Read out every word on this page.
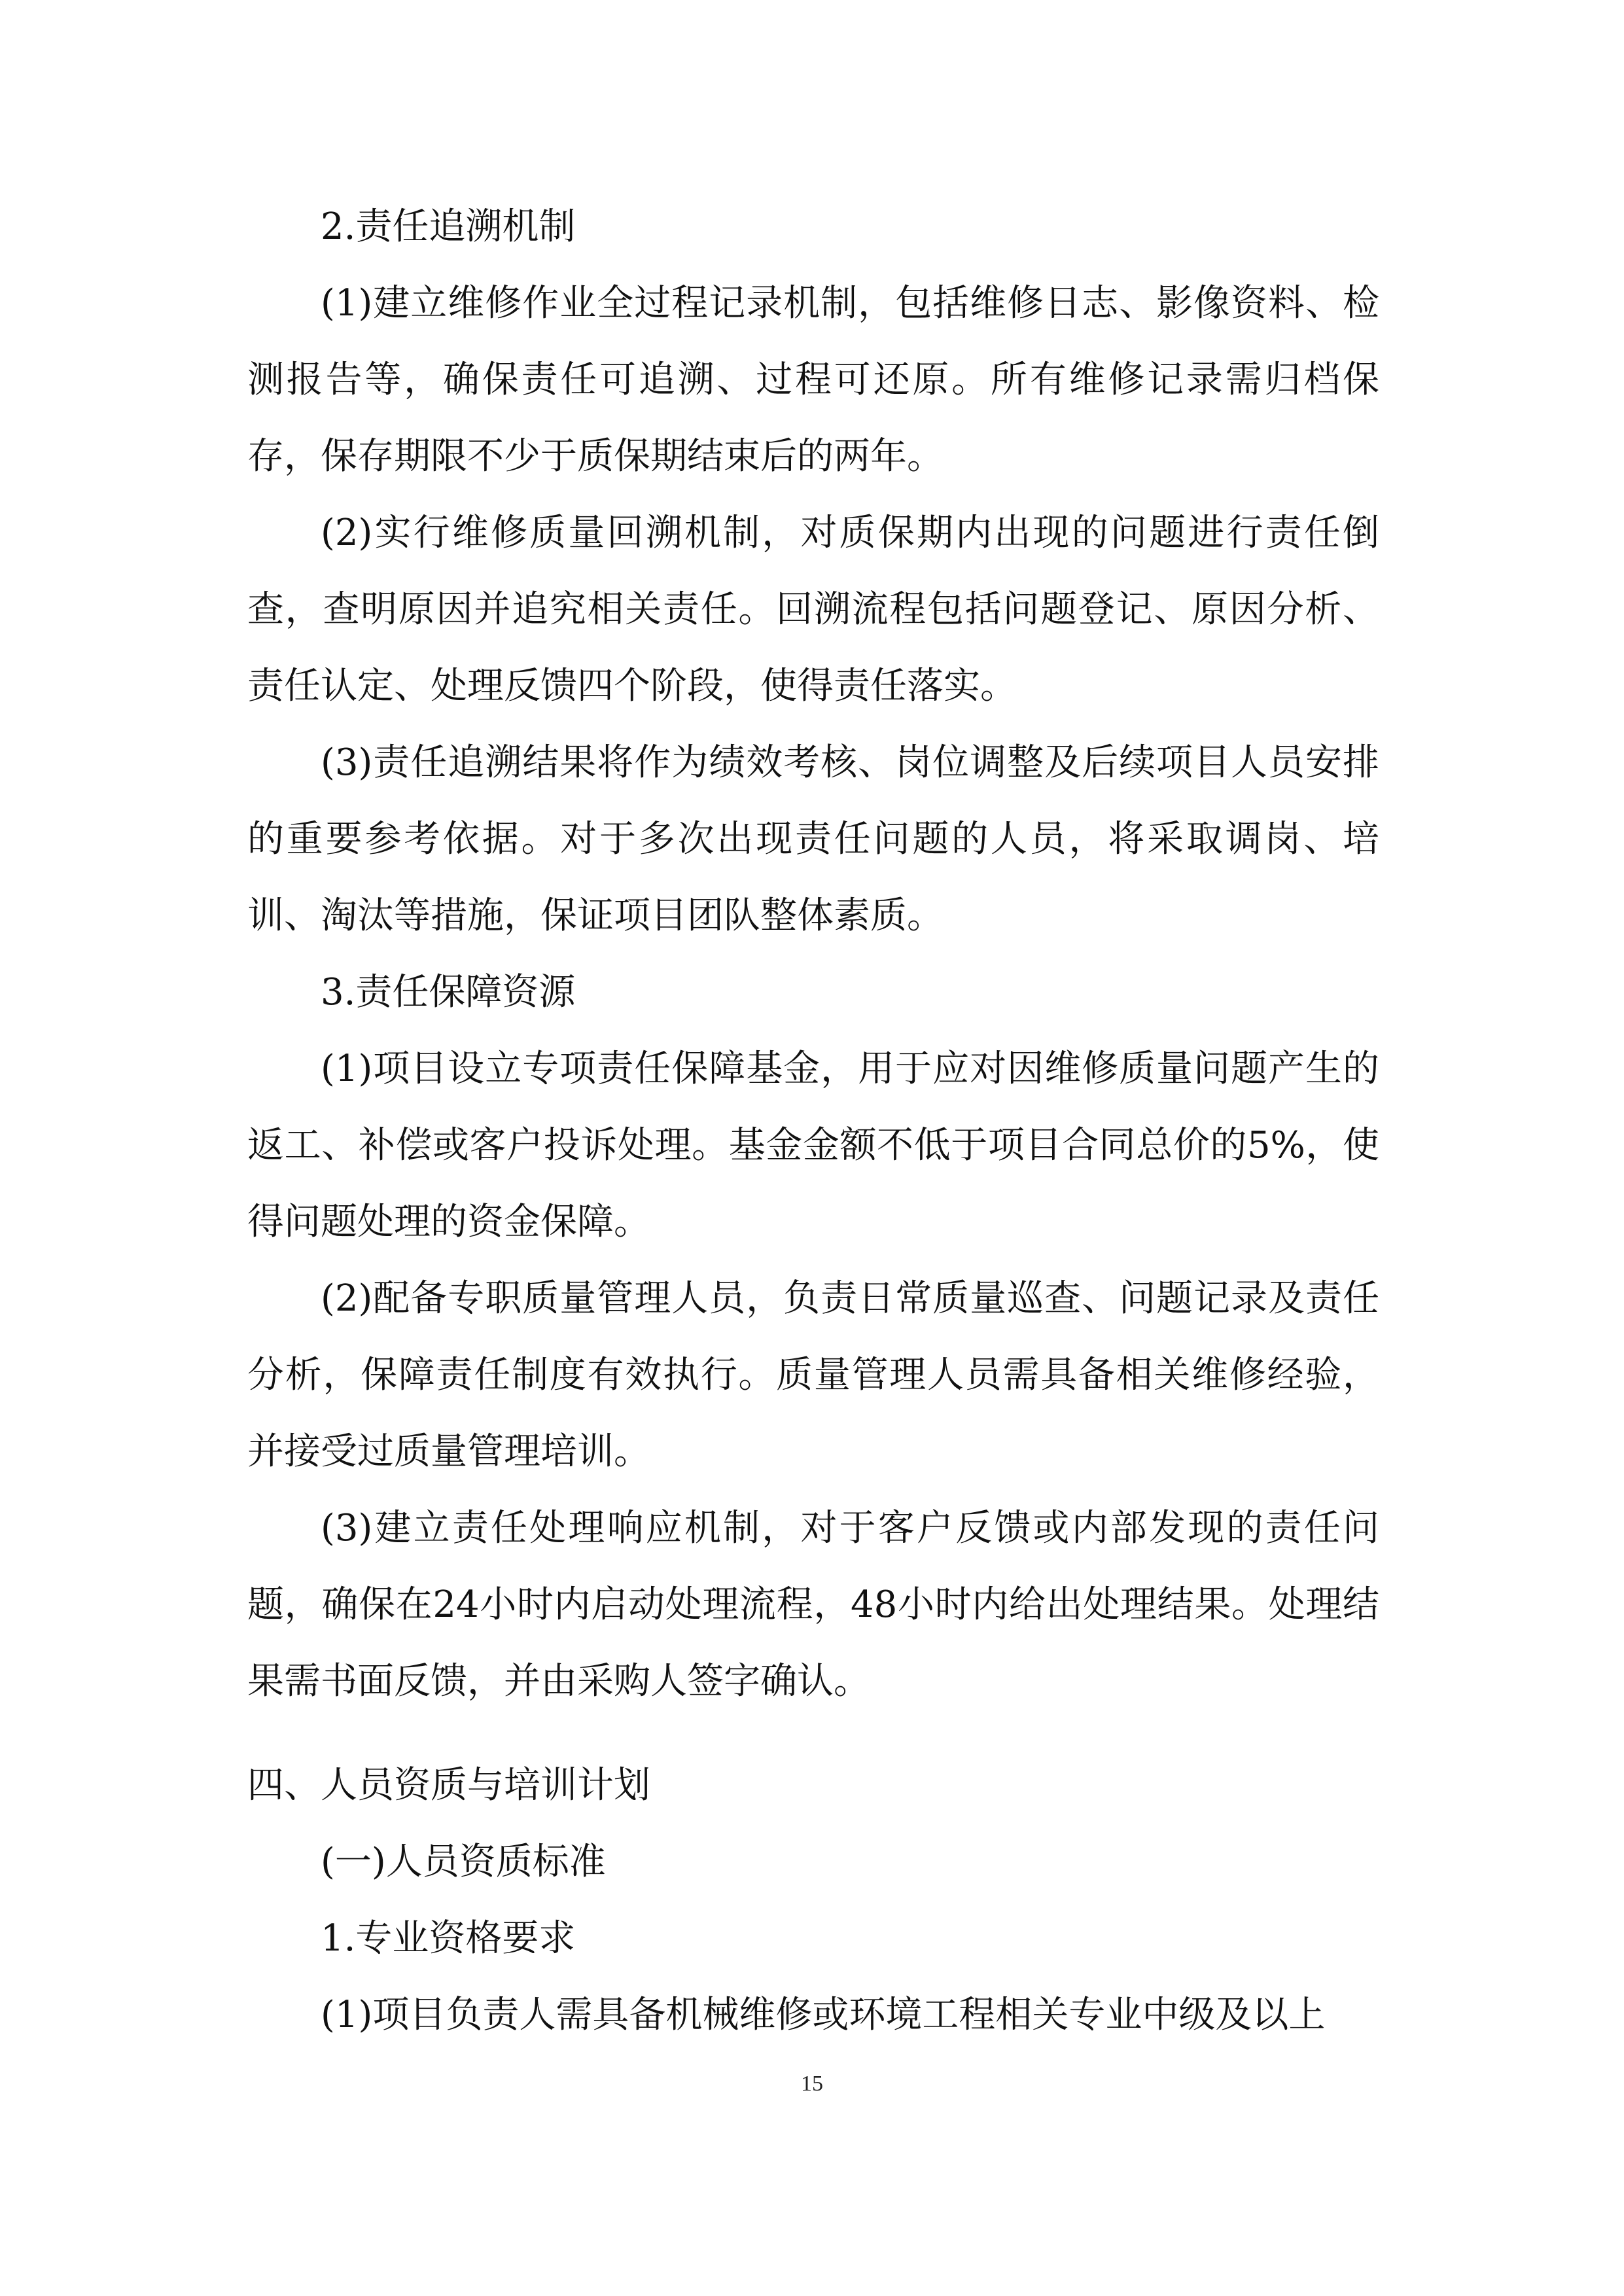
2.责任追溯机制

(1)建立维修作业全过程记录机制，包括维修日志、影像资料、检测报告等，确保责任可追溯、过程可还原。所有维修记录需归档保存，保存期限不少于质保期结束后的两年。

(2)实行维修质量回溯机制，对质保期内出现的问题进行责任倒查，查明原因并追究相关责任。回溯流程包括问题登记、原因分析、责任认定、处理反馈四个阶段，使得责任落实。

(3)责任追溯结果将作为绩效考核、岗位调整及后续项目人员安排的重要参考依据。对于多次出现责任问题的人员，将采取调岗、培训、淘汰等措施，保证项目团队整体素质。

3.责任保障资源

(1)项目设立专项责任保障基金，用于应对因维修质量问题产生的返工、补偿或客户投诉处理。基金金额不低于项目合同总价的5%，使得问题处理的资金保障。

(2)配备专职质量管理人员，负责日常质量巡查、问题记录及责任分析，保障责任制度有效执行。质量管理人员需具备相关维修经验，并接受过质量管理培训。

(3)建立责任处理响应机制，对于客户反馈或内部发现的责任问题，确保在24小时内启动处理流程，48小时内给出处理结果。处理结果需书面反馈，并由采购人签字确认。

四、人员资质与培训计划

(一)人员资质标准

1.专业资格要求

(1)项目负责人需具备机械维修或环境工程相关专业中级及以上

15
